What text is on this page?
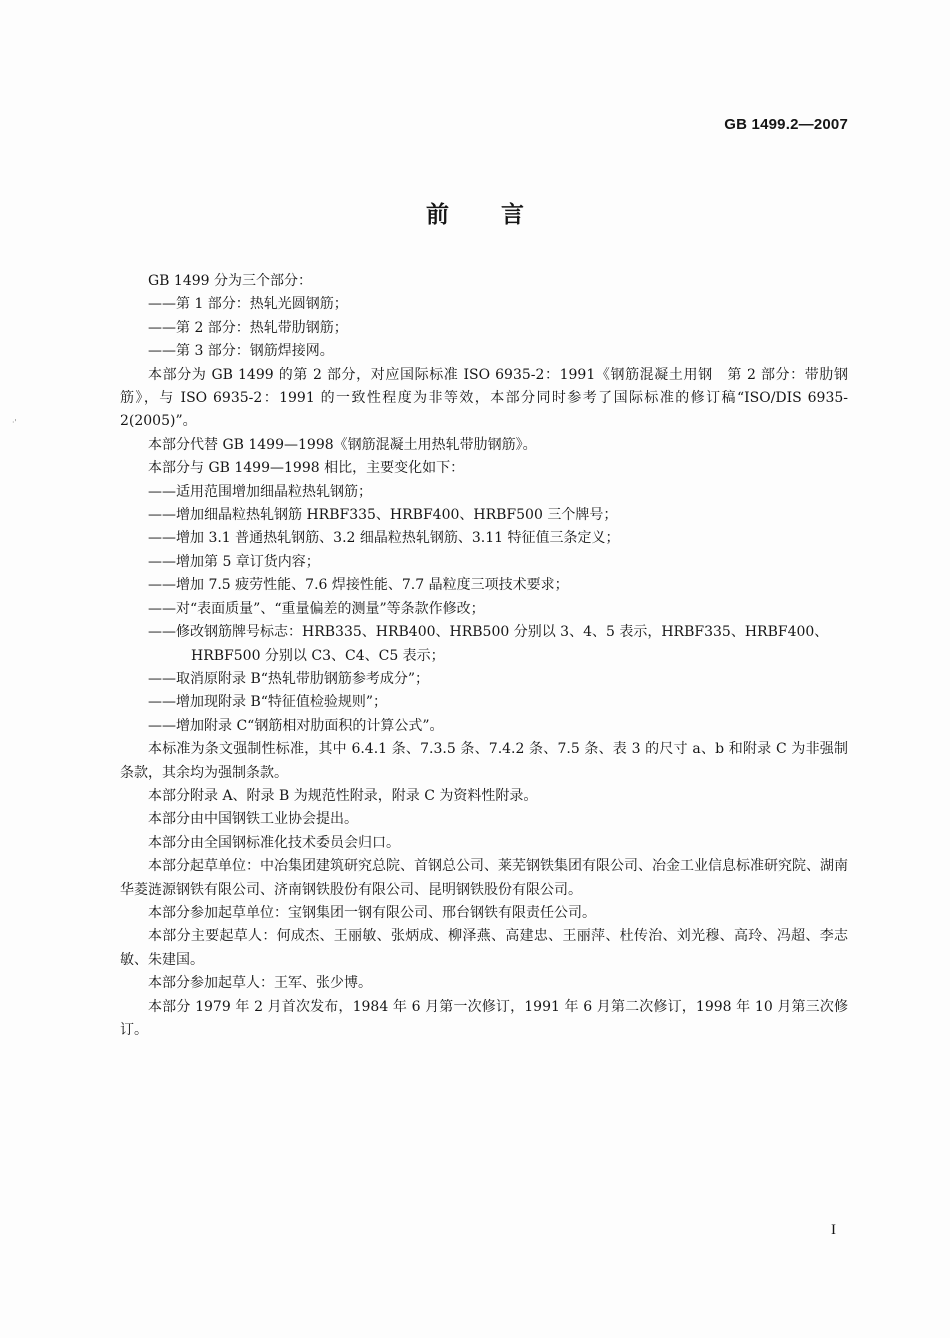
·'
GB 1499.2—2007
前言

GB 1499 分为三个部分：

——第 1 部分：热轧光圆钢筋；

——第 2 部分：热轧带肋钢筋；

——第 3 部分：钢筋焊接网。

本部分为 GB 1499 的第 2 部分，对应国际标准 ISO 6935-2：1991《钢筋混凝土用钢　第 2 部分：带肋钢筋》，与 ISO 6935-2：1991 的一致性程度为非等效，本部分同时参考了国际标准的修订稿“ISO/DIS 6935-2(2005)”。

本部分代替 GB 1499—1998《钢筋混凝土用热轧带肋钢筋》。

本部分与 GB 1499—1998 相比，主要变化如下：

——适用范围增加细晶粒热轧钢筋；

——增加细晶粒热轧钢筋 HRBF335、HRBF400、HRBF500 三个牌号；

——增加 3.1 普通热轧钢筋、3.2 细晶粒热轧钢筋、3.11 特征值三条定义；

——增加第 5 章订货内容；

——增加 7.5 疲劳性能、7.6 焊接性能、7.7 晶粒度三项技术要求；

——对“表面质量”、“重量偏差的测量”等条款作修改；

——修改钢筋牌号标志：HRB335、HRB400、HRB500 分别以 3、4、5 表示，HRBF335、HRBF400、

HRBF500 分别以 C3、C4、C5 表示；

——取消原附录 B“热轧带肋钢筋参考成分”；

——增加现附录 B“特征值检验规则”；

——增加附录 C“钢筋相对肋面积的计算公式”。

本标准为条文强制性标准，其中 6.4.1 条、7.3.5 条、7.4.2 条、7.5 条、表 3 的尺寸 a、b 和附录 C 为非强制条款，其余均为强制条款。

本部分附录 A、附录 B 为规范性附录，附录 C 为资料性附录。

本部分由中国钢铁工业协会提出。

本部分由全国钢标准化技术委员会归口。

本部分起草单位：中冶集团建筑研究总院、首钢总公司、莱芜钢铁集团有限公司、冶金工业信息标准研究院、湖南华菱涟源钢铁有限公司、济南钢铁股份有限公司、昆明钢铁股份有限公司。

本部分参加起草单位：宝钢集团一钢有限公司、邢台钢铁有限责任公司。

本部分主要起草人：何成杰、王丽敏、张炳成、柳泽燕、高建忠、王丽萍、杜传治、刘光穆、高玲、冯超、李志敏、朱建国。

本部分参加起草人：王军、张少博。

本部分 1979 年 2 月首次发布，1984 年 6 月第一次修订，1991 年 6 月第二次修订，1998 年 10 月第三次修订。

I
